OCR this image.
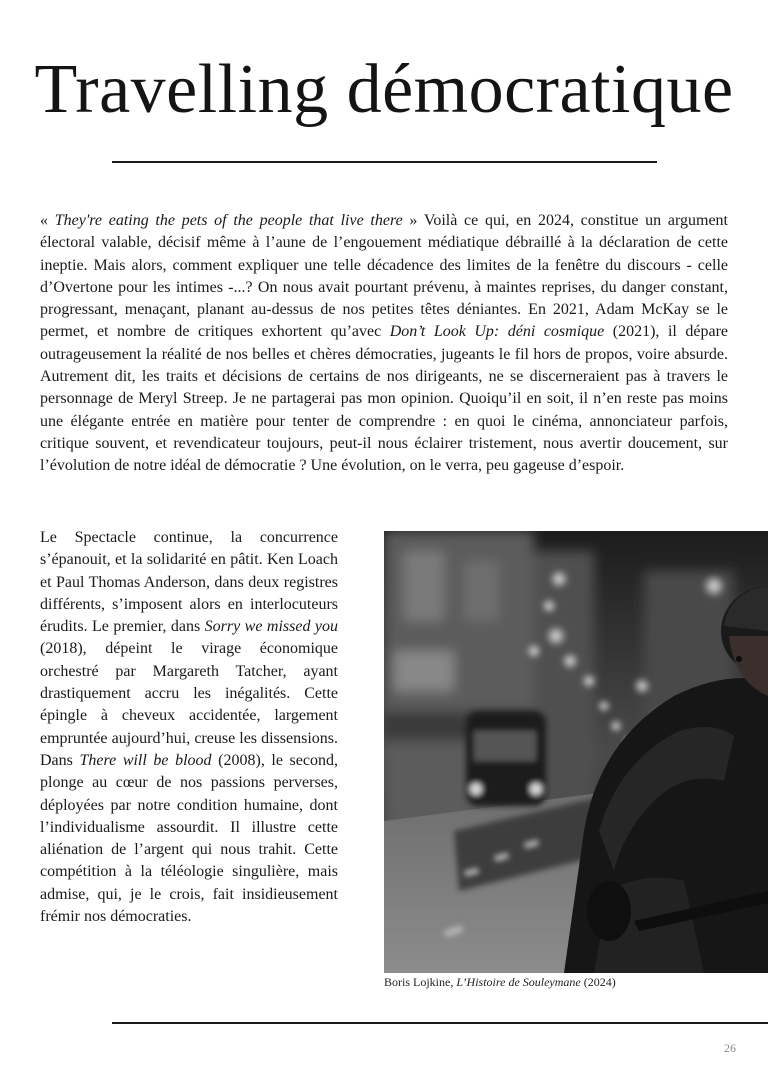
Travelling démocratique

« They're eating the pets of the people that live there » Voilà ce qui, en 2024, constitue un argument électoral valable, décisif même à l’aune de l’engouement médiatique débraillé à la déclaration de cette ineptie. Mais alors, comment expliquer une telle décadence des limites de la fenêtre du discours - celle d’Overtone pour les intimes -...? On nous avait pourtant prévenu, à maintes reprises, du danger constant, progressant, menaçant, planant au-dessus de nos petites têtes déniantes. En 2021, Adam McKay se le permet, et nombre de critiques exhortent qu’avec Don’t Look Up: déni cosmique (2021), il dépare outrageusement la réalité de nos belles et chères démocraties, jugeants le fil hors de propos, voire absurde. Autrement dit, les traits et décisions de certains de nos dirigeants, ne se discerneraient pas à travers le personnage de Meryl Streep. Je ne partagerai pas mon opinion. Quoiqu’il en soit, il n’en reste pas moins une élégante entrée en matière pour tenter de comprendre : en quoi le cinéma, annonciateur parfois, critique souvent, et revendicateur toujours, peut-il nous éclairer tristement, nous avertir doucement, sur l’évolution de notre idéal de démocratie ? Une évolution, on le verra, peu gageuse d’espoir.

Le Spectacle continue, la concurrence s’épanouit, et la solidarité en pâtit. Ken Loach et Paul Thomas Anderson, dans deux registres différents, s’imposent alors en interlocuteurs érudits. Le premier, dans Sorry we missed you (2018), dépeint le virage économique orchestré par Margareth Tatcher, ayant drastiquement accru les inégalités. Cette épingle à cheveux accidentée, largement empruntée aujourd’hui, creuse les dissensions. Dans There will be blood (2008), le second, plonge au cœur de nos passions perverses, déployées par notre condition humaine, dont l’individualisme assourdit. Il illustre cette aliénation de l’argent qui nous trahit. Cette compétition à la téléologie singulière, mais admise, qui, je le crois, fait insidieusement frémir nos démocraties.

Boris Lojkine, L’Histoire de Souleymane (2024)

26
